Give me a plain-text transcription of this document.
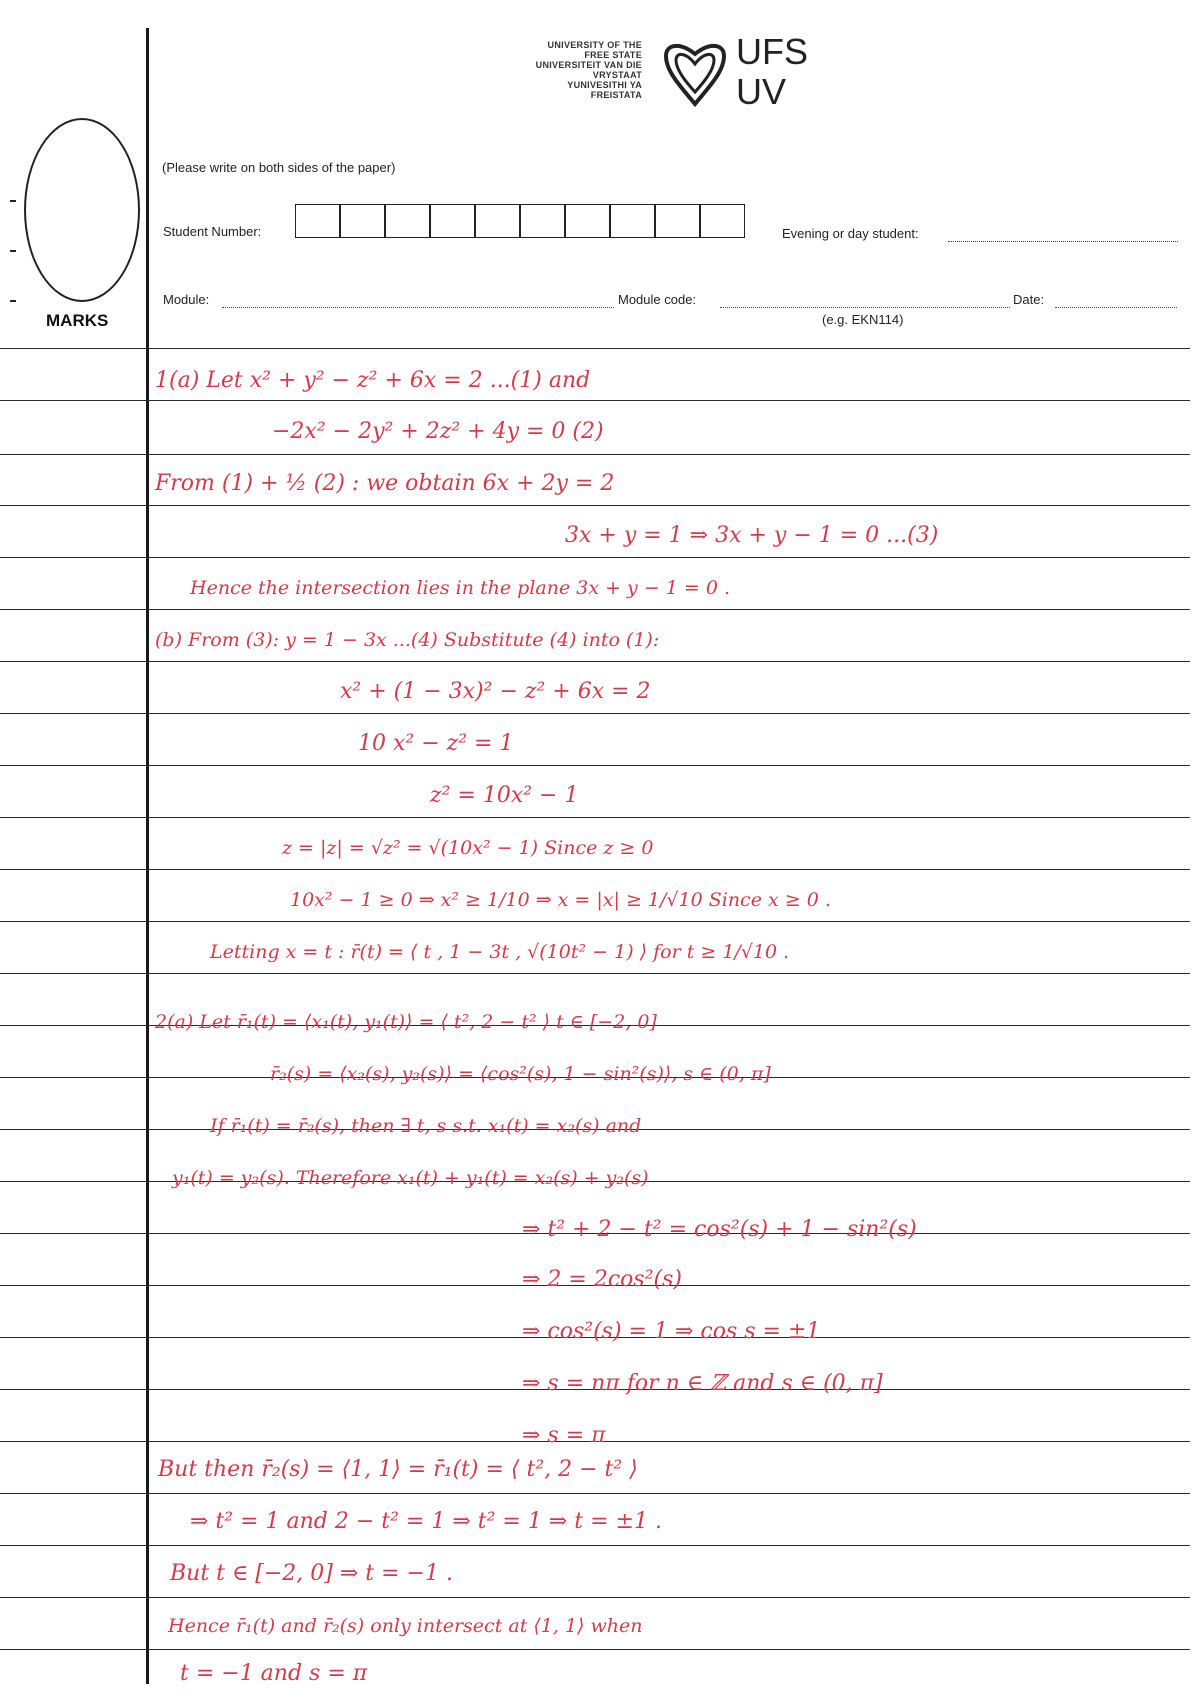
UNIVERSITY OF THE
FREE STATE
UNIVERSITEIT VAN DIE
VRYSTAAT
YUNIVESITHI YA
FREISTATA
UFS
UV
MARKS
(Please write on both sides of the paper)
Student Number:	Evening or day student:
Module:	Module code:
(e.g. EKN114)
Date:
1(a) Let x² + y² − z² + 6x = 2 ...(1) and
−2x² − 2y² + 2z² + 4y = 0 (2)
From (1) + ½ (2) : we obtain 6x + 2y = 2
3x + y = 1 ⇒ 3x + y − 1 = 0 ...(3)
Hence the intersection lies in the plane 3x + y − 1 = 0 .
(b) From (3): y = 1 − 3x ...(4) Substitute (4) into (1):
x² + (1 − 3x)² − z² + 6x = 2
10 x² − z² = 1
z² = 10x² − 1
z = |z| = √z² = √(10x² − 1) Since z ≥ 0
10x² − 1 ≥ 0 ⇒ x² ≥ 1/10 ⇒ x = |x| ≥ 1/√10 Since x ≥ 0 .
Letting x = t : r̄(t) = ⟨ t , 1 − 3t , √(10t² − 1) ⟩ for t ≥ 1/√10 .
2(a) Let r̄₁(t) = ⟨x₁(t), y₁(t)⟩ = ⟨ t², 2 − t² ⟩ t ∈ [−2, 0]
r̄₂(s) = ⟨x₂(s), y₂(s)⟩ = ⟨cos²(s), 1 − sin²(s)⟩, s ∈ (0, π]
If r̄₁(t) = r̄₂(s), then ∃ t, s s.t. x₁(t) = x₂(s) and
y₁(t) = y₂(s). Therefore x₁(t) + y₁(t) = x₂(s) + y₂(s)
⇒ t² + 2 − t² = cos²(s) + 1 − sin²(s)
⇒ 2 = 2cos²(s)
⇒ cos²(s) = 1 ⇒ cos s = ±1
⇒ s = nπ for n ∈ ℤ and s ∈ (0, π]
⇒ s = π
But then r̄₂(s) = ⟨1, 1⟩ = r̄₁(t) = ⟨ t², 2 − t² ⟩
⇒ t² = 1 and 2 − t² = 1 ⇒ t² = 1 ⇒ t = ±1 .
But t ∈ [−2, 0] ⇒ t = −1 .
Hence r̄₁(t) and r̄₂(s) only intersect at ⟨1, 1⟩ when
t = −1 and s = π
